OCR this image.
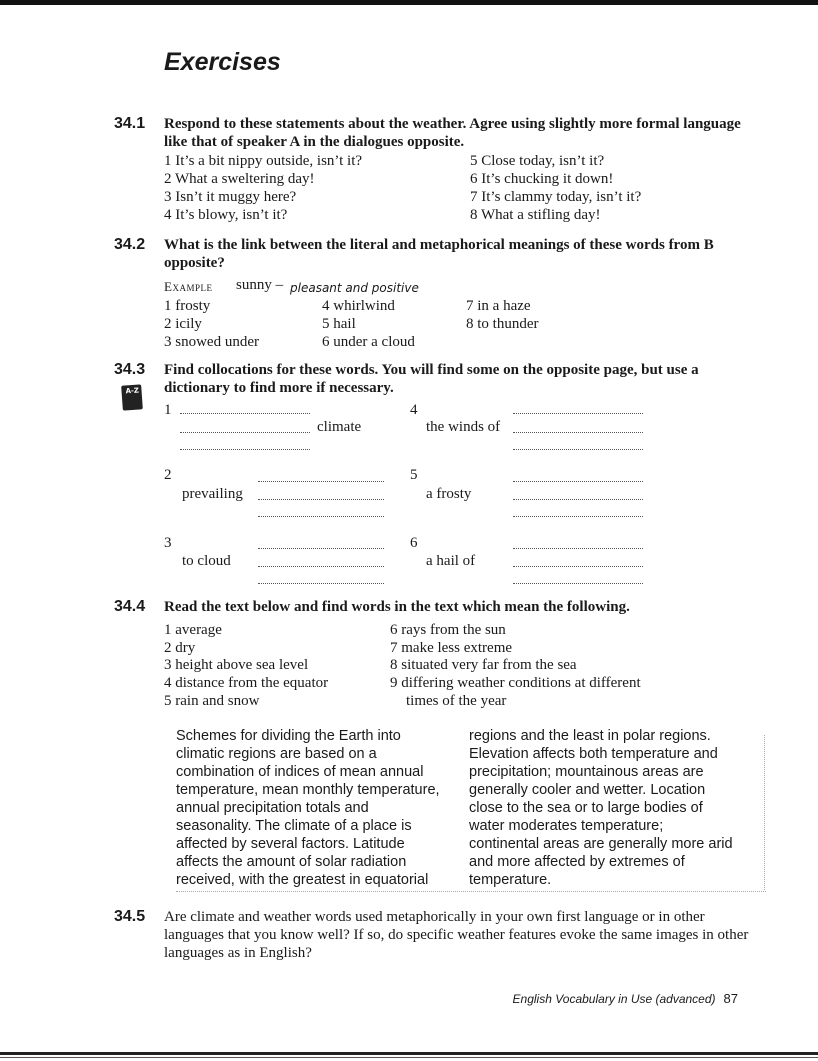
Exercises
34.1 Respond to these statements about the weather. Agree using slightly more formal language like that of speaker A in the dialogues opposite.
1 It’s a bit nippy outside, isn’t it?
2 What a sweltering day!
3 Isn’t it muggy here?
4 It’s blowy, isn’t it?
5 Close today, isn’t it?
6 It’s chucking it down!
7 It’s clammy today, isn’t it?
8 What a stifling day!
34.2 What is the link between the literal and metaphorical meanings of these words from B opposite?
Example sunny – pleasant and positive
1 frosty
2 icily
3 snowed under
4 whirlwind
5 hail
6 under a cloud
7 in a haze
8 to thunder
34.3
A-Z
Find collocations for these words. You will find some on the opposite page, but use a dictionary to find more if necessary.
1
climate
4
the winds of
2
prevailing
5
a frosty
3
to cloud
6
a hail of
34.4 Read the text below and find words in the text which mean the following.
1 average
2 dry
3 height above sea level
4 distance from the equator
5 rain and snow
6 rays from the sun
7 make less extreme
8 situated very far from the sea
9 differing weather conditions at different
times of the year

Schemes for dividing the Earth into
climatic regions are based on a
combination of indices of mean annual
temperature, mean monthly temperature,
annual precipitation totals and
seasonality. The climate of a place is
affected by several factors. Latitude
affects the amount of solar radiation
received, with the greatest in equatorial

regions and the least in polar regions.
Elevation affects both temperature and
precipitation; mountainous areas are
generally cooler and wetter. Location
close to the sea or to large bodies of
water moderates temperature;
continental areas are generally more arid
and more affected by extremes of
temperature.

34.5 Are climate and weather words used metaphorically in your own first language or in other languages that you know well? If so, do specific weather features evoke the same images in other languages as in English?
English Vocabulary in Use (advanced) 87
